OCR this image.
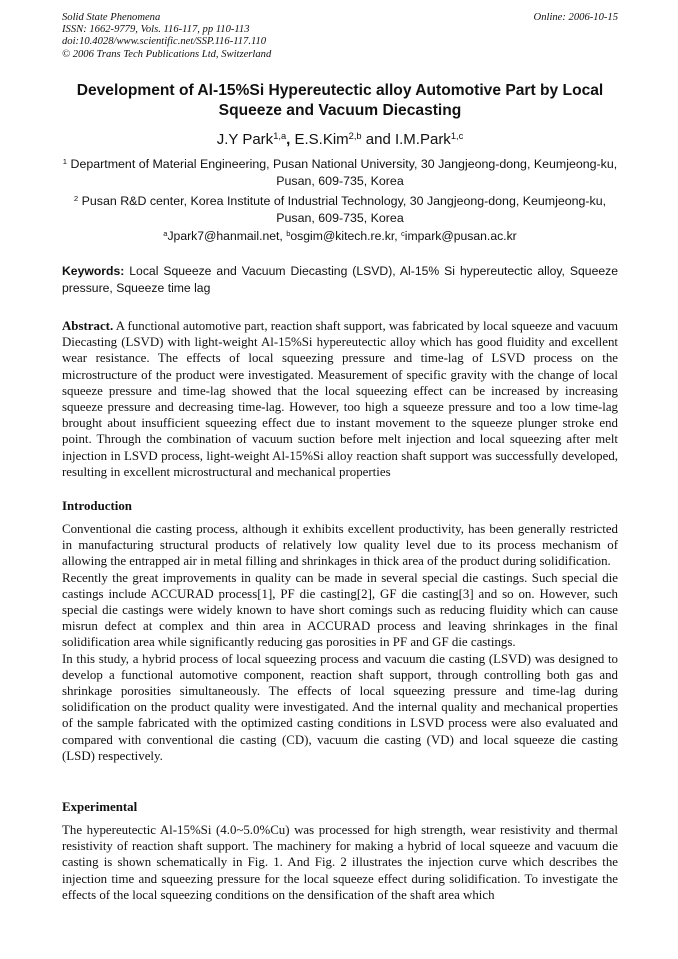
Solid State Phenomena
ISSN: 1662-9779, Vols. 116-117, pp 110-113
doi:10.4028/www.scientific.net/SSP.116-117.110
© 2006 Trans Tech Publications Ltd, Switzerland
Online: 2006-10-15
Development of Al-15%Si Hypereutectic alloy Automotive Part by Local Squeeze and Vacuum Diecasting
J.Y Park$^{1,a}$, E.S.Kim$^{2,b}$ and I.M.Park$^{1,c}$
$^1$ Department of Material Engineering, Pusan National University, 30 Jangjeong-dong, Keumjeong-ku, Pusan, 609-735, Korea
$^2$ Pusan R&D center, Korea Institute of Industrial Technology, 30 Jangjeong-dong, Keumjeong-ku, Pusan, 609-735, Korea
$^a$Jpark7@hanmail.net, $^b$osgim@kitech.re.kr, $^c$impark@pusan.ac.kr
Keywords: Local Squeeze and Vacuum Diecasting (LSVD), Al-15% Si hypereutectic alloy, Squeeze pressure, Squeeze time lag
Abstract. A functional automotive part, reaction shaft support, was fabricated by local squeeze and vacuum Diecasting (LSVD) with light-weight Al-15%Si hypereutectic alloy which has good fluidity and excellent wear resistance. The effects of local squeezing pressure and time-lag of LSVD process on the microstructure of the product were investigated. Measurement of specific gravity with the change of local squeeze pressure and time-lag showed that the local squeezing effect can be increased by increasing squeeze pressure and decreasing time-lag. However, too high a squeeze pressure and too a low time-lag brought about insufficient squeezing effect due to instant movement to the squeeze plunger stroke end point. Through the combination of vacuum suction before melt injection and local squeezing after melt injection in LSVD process, light-weight Al-15%Si alloy reaction shaft support was successfully developed, resulting in excellent microstructural and mechanical properties
Introduction

Conventional die casting process, although it exhibits excellent productivity, has been generally restricted in manufacturing structural products of relatively low quality level due to its process mechanism of allowing the entrapped air in metal filling and shrinkages in thick area of the product during solidification.

Recently the great improvements in quality can be made in several special die castings. Such special die castings include ACCURAD process[1], PF die casting[2], GF die casting[3] and so on. However, such special die castings were widely known to have short comings such as reducing fluidity which can cause misrun defect at complex and thin area in ACCURAD process and leaving shrinkages in the final solidification area while significantly reducing gas porosities in PF and GF die castings.

In this study, a hybrid process of local squeezing process and vacuum die casting (LSVD) was designed to develop a functional automotive component, reaction shaft support, through controlling both gas and shrinkage porosities simultaneously. The effects of local squeezing pressure and time-lag during solidification on the product quality were investigated. And the internal quality and mechanical properties of the sample fabricated with the optimized casting conditions in LSVD process were also evaluated and compared with conventional die casting (CD), vacuum die casting (VD) and local squeeze die casting (LSD) respectively.

Experimental
The hypereutectic Al-15%Si (4.0~5.0%Cu) was processed for high strength, wear resistivity and thermal resistivity of reaction shaft support. The machinery for making a hybrid of local squeeze and vacuum die casting is shown schematically in Fig. 1. And Fig. 2 illustrates the injection curve which describes the injection time and squeezing pressure for the local squeeze effect during solidification. To investigate the effects of the local squeezing conditions on the densification of the shaft area which
